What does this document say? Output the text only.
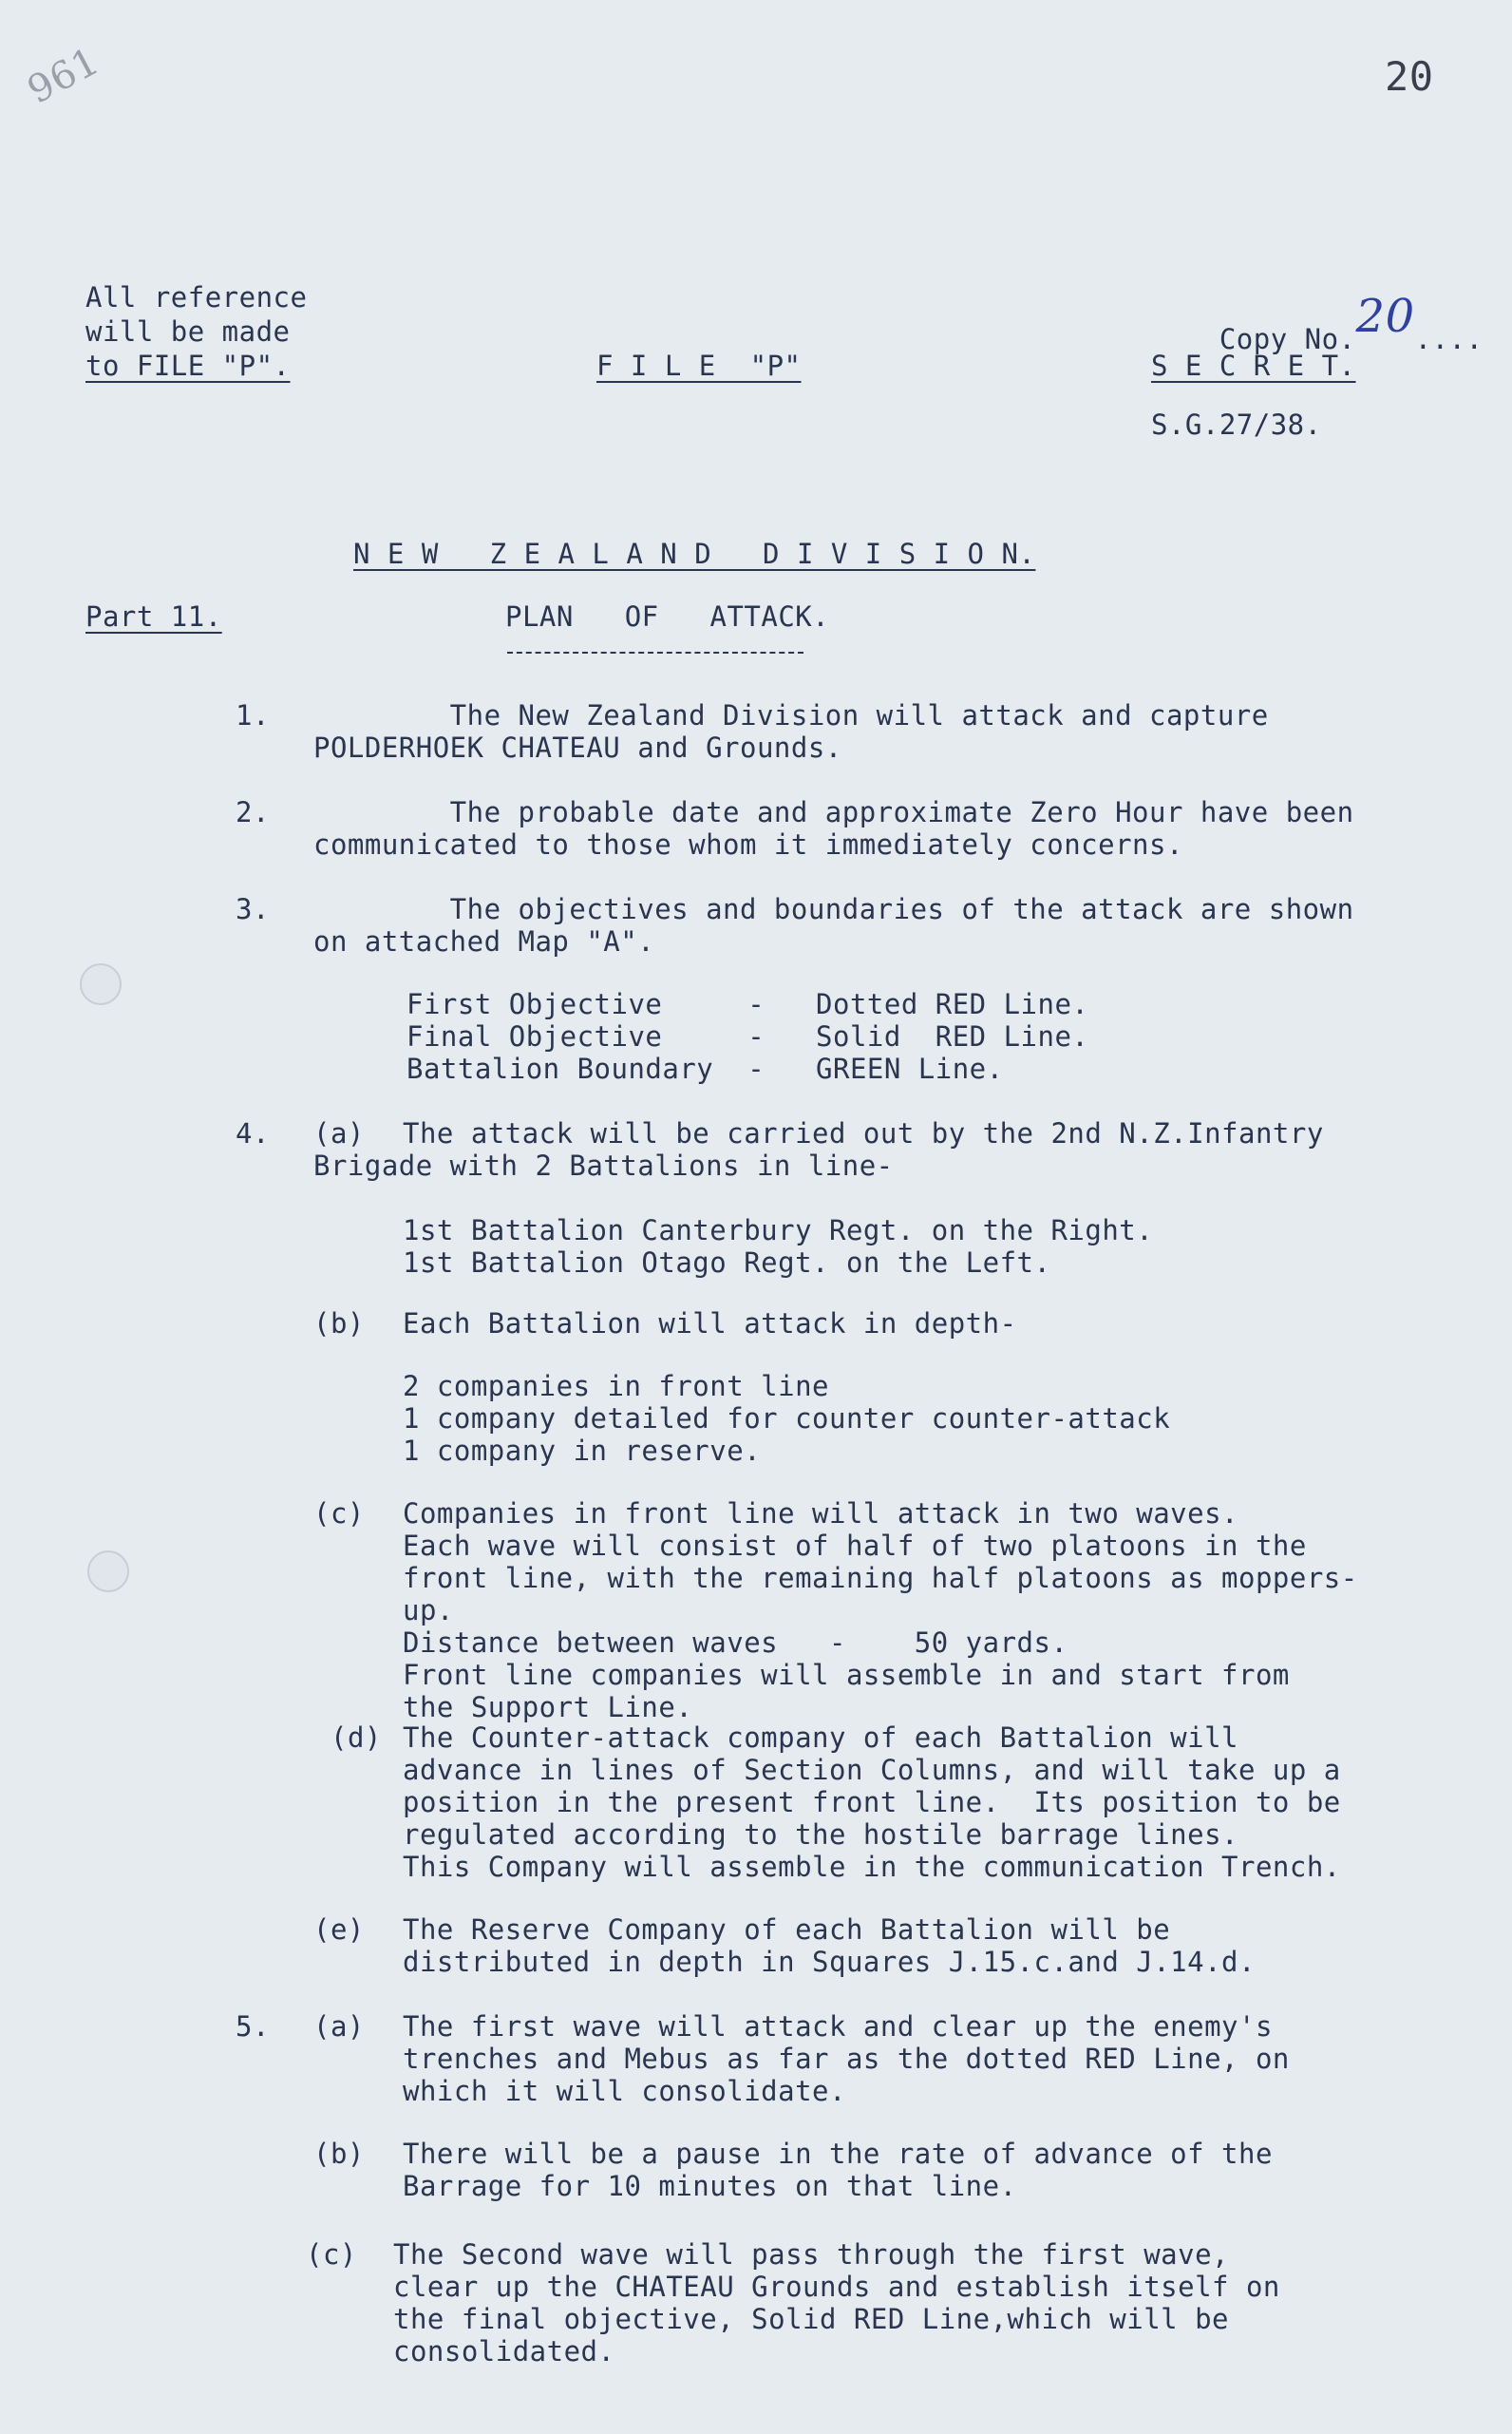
961	20
All reference
will be made
to FILE "P".	F I L E  "P"

Copy No.20....

S E C R E T.
S.G.27/38.
N E W   Z E A L A N D   D I V I S I O N.
Part 11.	PLAN   OF   ATTACK.
1.	The New Zealand Division will attack and capture
POLDERHOEK CHATEAU and Grounds.
2.	The probable date and approximate Zero Hour have been
communicated to those whom it immediately concerns.
3.	The objectives and boundaries of the attack are shown
on attached Map "A".
First Objective     -   Dotted RED Line.
Final Objective     -   Solid  RED Line.
Battalion Boundary  -   GREEN Line.
4. (a)	The attack will be carried out by the 2nd N.Z.Infantry
Brigade with 2 Battalions in line-
1st Battalion Canterbury Regt. on the Right.
1st Battalion Otago Regt. on the Left.
(b) Each Battalion will attack in depth-
2 companies in front line
1 company detailed for counter counter-attack
1 company in reserve.
(c) Companies in front line will attack in two waves.
Each wave will consist of half of two platoons in the
front line, with the remaining half platoons as moppers-
up.
Distance between waves   -    50 yards.
Front line companies will assemble in and start from
the Support Line.
(d) The Counter-attack company of each Battalion will
advance in lines of Section Columns, and will take up a
position in the present front line.  Its position to be
regulated according to the hostile barrage lines.
This Company will assemble in the communication Trench.
(e) The Reserve Company of each Battalion will be
distributed in depth in Squares J.15.c.and J.14.d.
5. (a) The first wave will attack and clear up the enemy's
trenches and Mebus as far as the dotted RED Line, on
which it will consolidate.
(b) There will be a pause in the rate of advance of the
Barrage for 10 minutes on that line.
(c) The Second wave will pass through the first wave,
clear up the CHATEAU Grounds and establish itself on
the final objective, Solid RED Line,which will be
consolidated.
